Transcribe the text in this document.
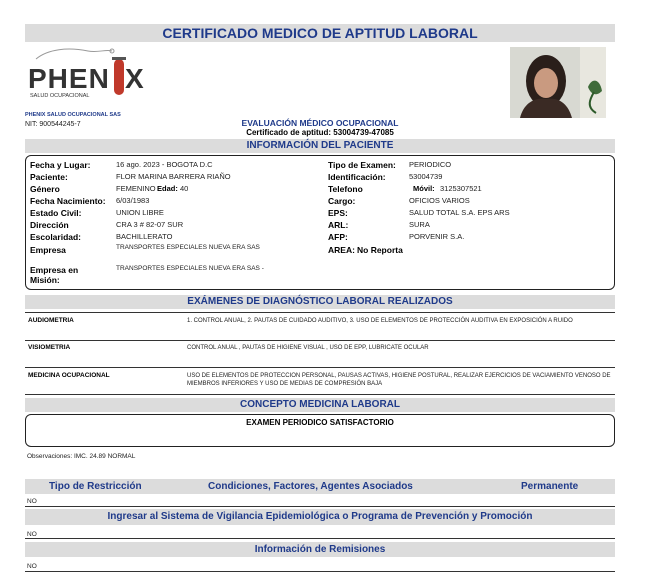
CERTIFICADO MEDICO DE APTITUD LABORAL
PHEN X
SALUD OCUPACIONAL
PHENIX SALUD OCUPACIONAL SAS
NIT: 900544245-7	EVALUACIÓN MÉDICO OCUPACIONAL
Certificado de aptitud: 53004739-47085
INFORMACIÓN DEL PACIENTE
Fecha y Lugar:	16 ago. 2023 - BOGOTA D.C
Paciente:	FLOR MARINA BARRERA RIAÑO
Género	FEMENINO Edad: 40
Fecha Nacimiento: 6/03/1983
Estado Civil:	UNION LIBRE
Dirección	CRA 3 # 82-07 SUR
Escolaridad:	BACHILLERATO
Empresa	TRANSPORTES ESPECIALES NUEVA ERA SAS
Empresa en Misión:
TRANSPORTES ESPECIALES NUEVA ERA SAS -
Tipo de Examen: PERIODICO
Identificación:	53004739
Telefono	Móvil: 3125307521
Cargo:	OFICIOS VARIOS
EPS:	SALUD TOTAL S.A. EPS ARS
ARL:	SURA
AFP:	PORVENIR S.A.
AREA: No Reporta
EXÁMENES DE DIAGNÓSTICO LABORAL REALIZADOS
AUDIOMETRIA	1. CONTROL ANUAL, 2. PAUTAS DE CUIDADO AUDITIVO, 3. USO DE ELEMENTOS DE PROTECCIÓN AUDITIVA EN EXPOSICIÓN A RUIDO
VISIOMETRIA	CONTROL ANUAL , PAUTAS DE HIGIENE VISUAL , USO DE EPP, LUBRICATE OCULAR
MEDICINA OCUPACIONAL	USO DE ELEMENTOS DE PROTECCION PERSONAL, PAUSAS ACTIVAS, HIGIENE POSTURAL, REALIZAR EJERCICIOS DE VACIAMIENTO VENOSO DE MIEMBROS INFERIORES Y USO DE MEDIAS DE COMPRESIÓN BAJA
CONCEPTO MEDICINA LABORAL
EXAMEN PERIODICO SATISFACTORIO
Observaciones: IMC. 24.89 NORMAL
Tipo de Restricción	Condiciones, Factores, Agentes Asociados	Permanente
NO
Ingresar al Sistema de Vigilancia Epidemiológica o Programa de Prevención y Promoción
NO
Información de Remisiones
NO
